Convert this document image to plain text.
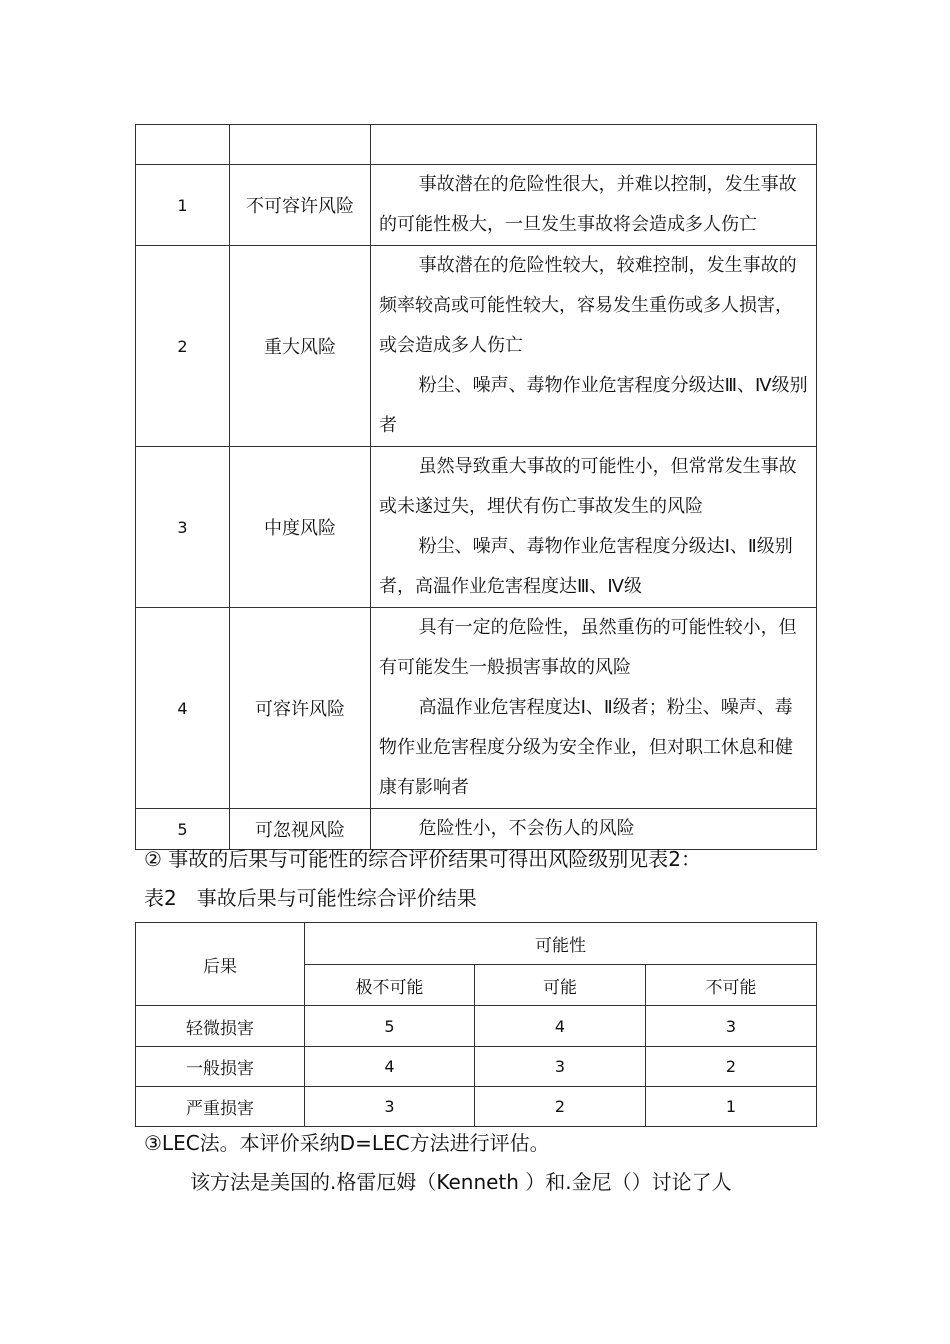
1	不可容许风险	事故潜在的危险性很大，并难以控制，发生事故的可能性极大，一旦发生事故将会造成多人伤亡

2	重大风险	事故潜在的危险性较大，较难控制，发生事故的频率较高或可能性较大，容易发生重伤或多人损害，或会造成多人伤亡

粉尘、噪声、毒物作业危害程度分级达Ⅲ、Ⅳ级别者

3	中度风险	虽然导致重大事故的可能性小，但常常发生事故或未遂过失，埋伏有伤亡事故发生的风险

粉尘、噪声、毒物作业危害程度分级达Ⅰ、Ⅱ级别者，高温作业危害程度达Ⅲ、Ⅳ级

4	可容许风险	具有一定的危险性，虽然重伤的可能性较小，但有可能发生一般损害事故的风险

高温作业危害程度达Ⅰ、Ⅱ级者；粉尘、噪声、毒物作业危害程度分级为安全作业，但对职工休息和健康有影响者

5	可忽视风险	危险性小，不会伤人的风险

② 事故的后果与可能性的综合评价结果可得出风险级别见表2：

表2　事故后果与可能性综合评价结果

后果	可能性		
	极不可能	可能	不可能
轻微损害	5	4	3
一般损害	4	3	2
严重损害	3	2	1

③LEC法。本评价采纳D=LEC方法进行评估。

该方法是美国的.格雷厄姆（Kenneth ）和.金尼（）讨论了人
